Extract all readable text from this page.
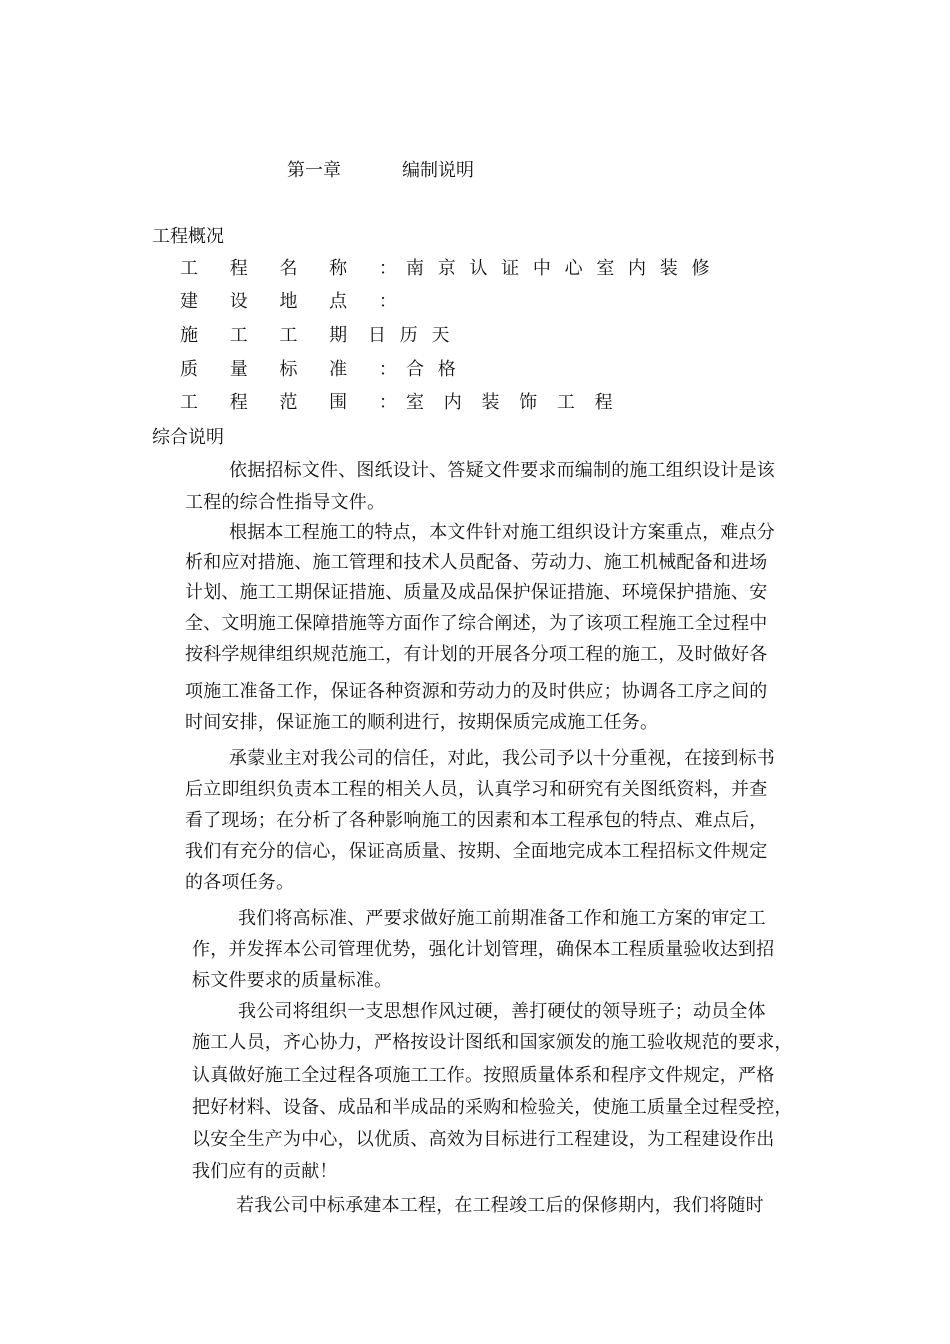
第一章	编制说明
工程概况
工 程 名 称 ：
南 京 认 证 中 心 室 内 装 修
建 设 地 点 ：
施 工 工 期 日 历 天
质 量 标 准 ：
合 格
工 程 范 围 ：
室 内 装 饰 工 程
综合说明
依据招标文件、图纸设计、答疑文件要求而编制的施工组织设计是该
工程的综合性指导文件。
根据本工程施工的特点，本文件针对施工组织设计方案重点，难点分
析和应对措施、施工管理和技术人员配备、劳动力、施工机械配备和进场
计划、施工工期保证措施、质量及成品保护保证措施、环境保护措施、安
全、文明施工保障措施等方面作了综合阐述，为了该项工程施工全过程中
按科学规律组织规范施工，有计划的开展各分项工程的施工，及时做好各
项施工准备工作，保证各种资源和劳动力的及时供应；协调各工序之间的
时间安排，保证施工的顺利进行，按期保质完成施工任务。
承蒙业主对我公司的信任，对此，我公司予以十分重视，在接到标书
后立即组织负责本工程的相关人员，认真学习和研究有关图纸资料，并查
看了现场；在分析了各种影响施工的因素和本工程承包的特点、难点后，
我们有充分的信心，保证高质量、按期、全面地完成本工程招标文件规定
的各项任务。
我们将高标准、严要求做好施工前期准备工作和施工方案的审定工
作，并发挥本公司管理优势，强化计划管理，确保本工程质量验收达到招
标文件要求的质量标准。
我公司将组织一支思想作风过硬，善打硬仗的领导班子；动员全体
施工人员，齐心协力，严格按设计图纸和国家颁发的施工验收规范的要求，
认真做好施工全过程各项施工工作。按照质量体系和程序文件规定，严格
把好材料、设备、成品和半成品的采购和检验关，使施工质量全过程受控，
以安全生产为中心，以优质、高效为目标进行工程建设，为工程建设作出
我们应有的贡献！
若我公司中标承建本工程，在工程竣工后的保修期内，我们将随时
